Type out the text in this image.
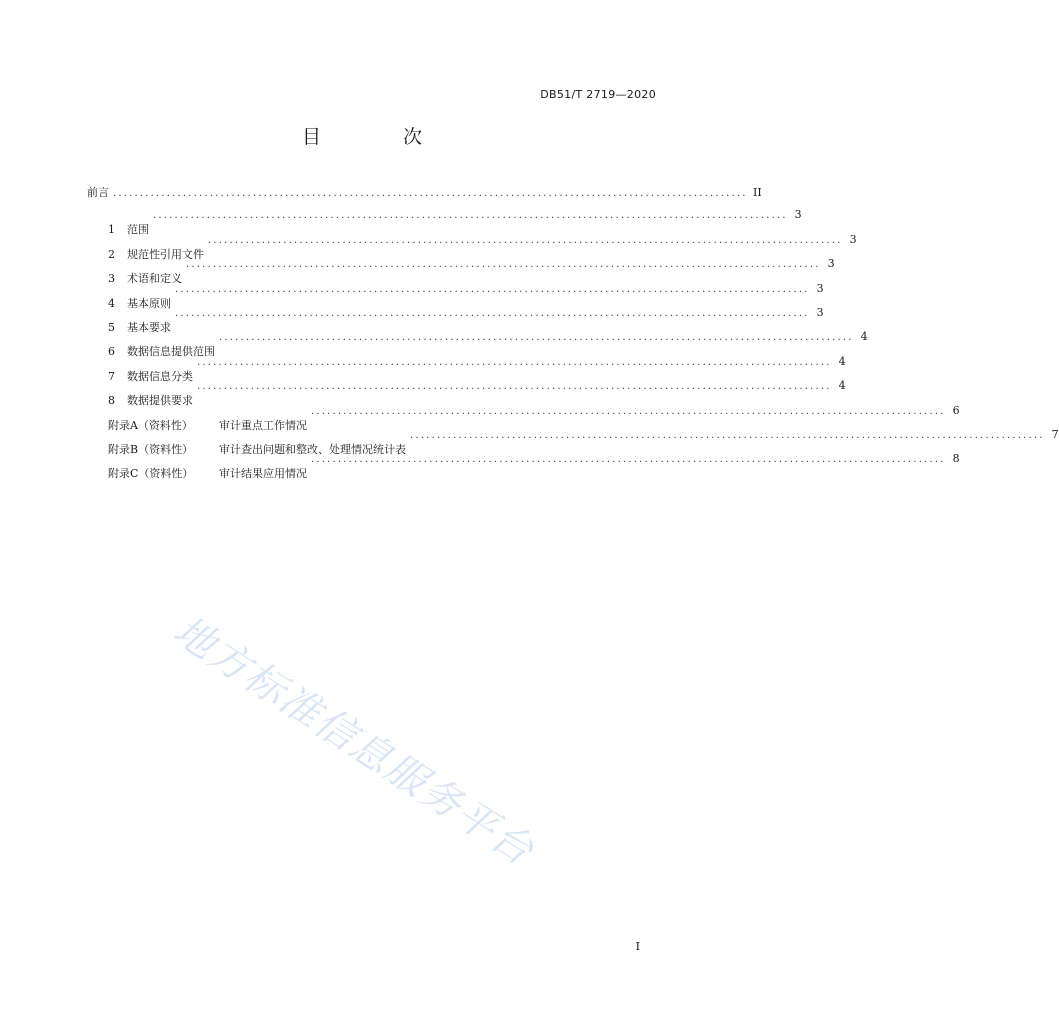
DB51/T 2719—2020
目 次
前言 ...................................................................................................................... II

1 范围

...................................................................................................................... 3

2 规范性引用文件

...................................................................................................................... 3

3 术语和定义

...................................................................................................................... 3

4 基本原则

...................................................................................................................... 3

5 基本要求

...................................................................................................................... 3

6 数据信息提供范围

...................................................................................................................... 4

7 数据信息分类

...................................................................................................................... 4

8 数据提供要求

...................................................................................................................... 4

附录A（资料性） 审计重点工作情况

...................................................................................................................... 6

附录B（资料性） 审计查出问题和整改、处理情况统计表

...................................................................................................................... 7

附录C（资料性） 审计结果应用情况

...................................................................................................................... 8
地方标准信息服务平台
I
